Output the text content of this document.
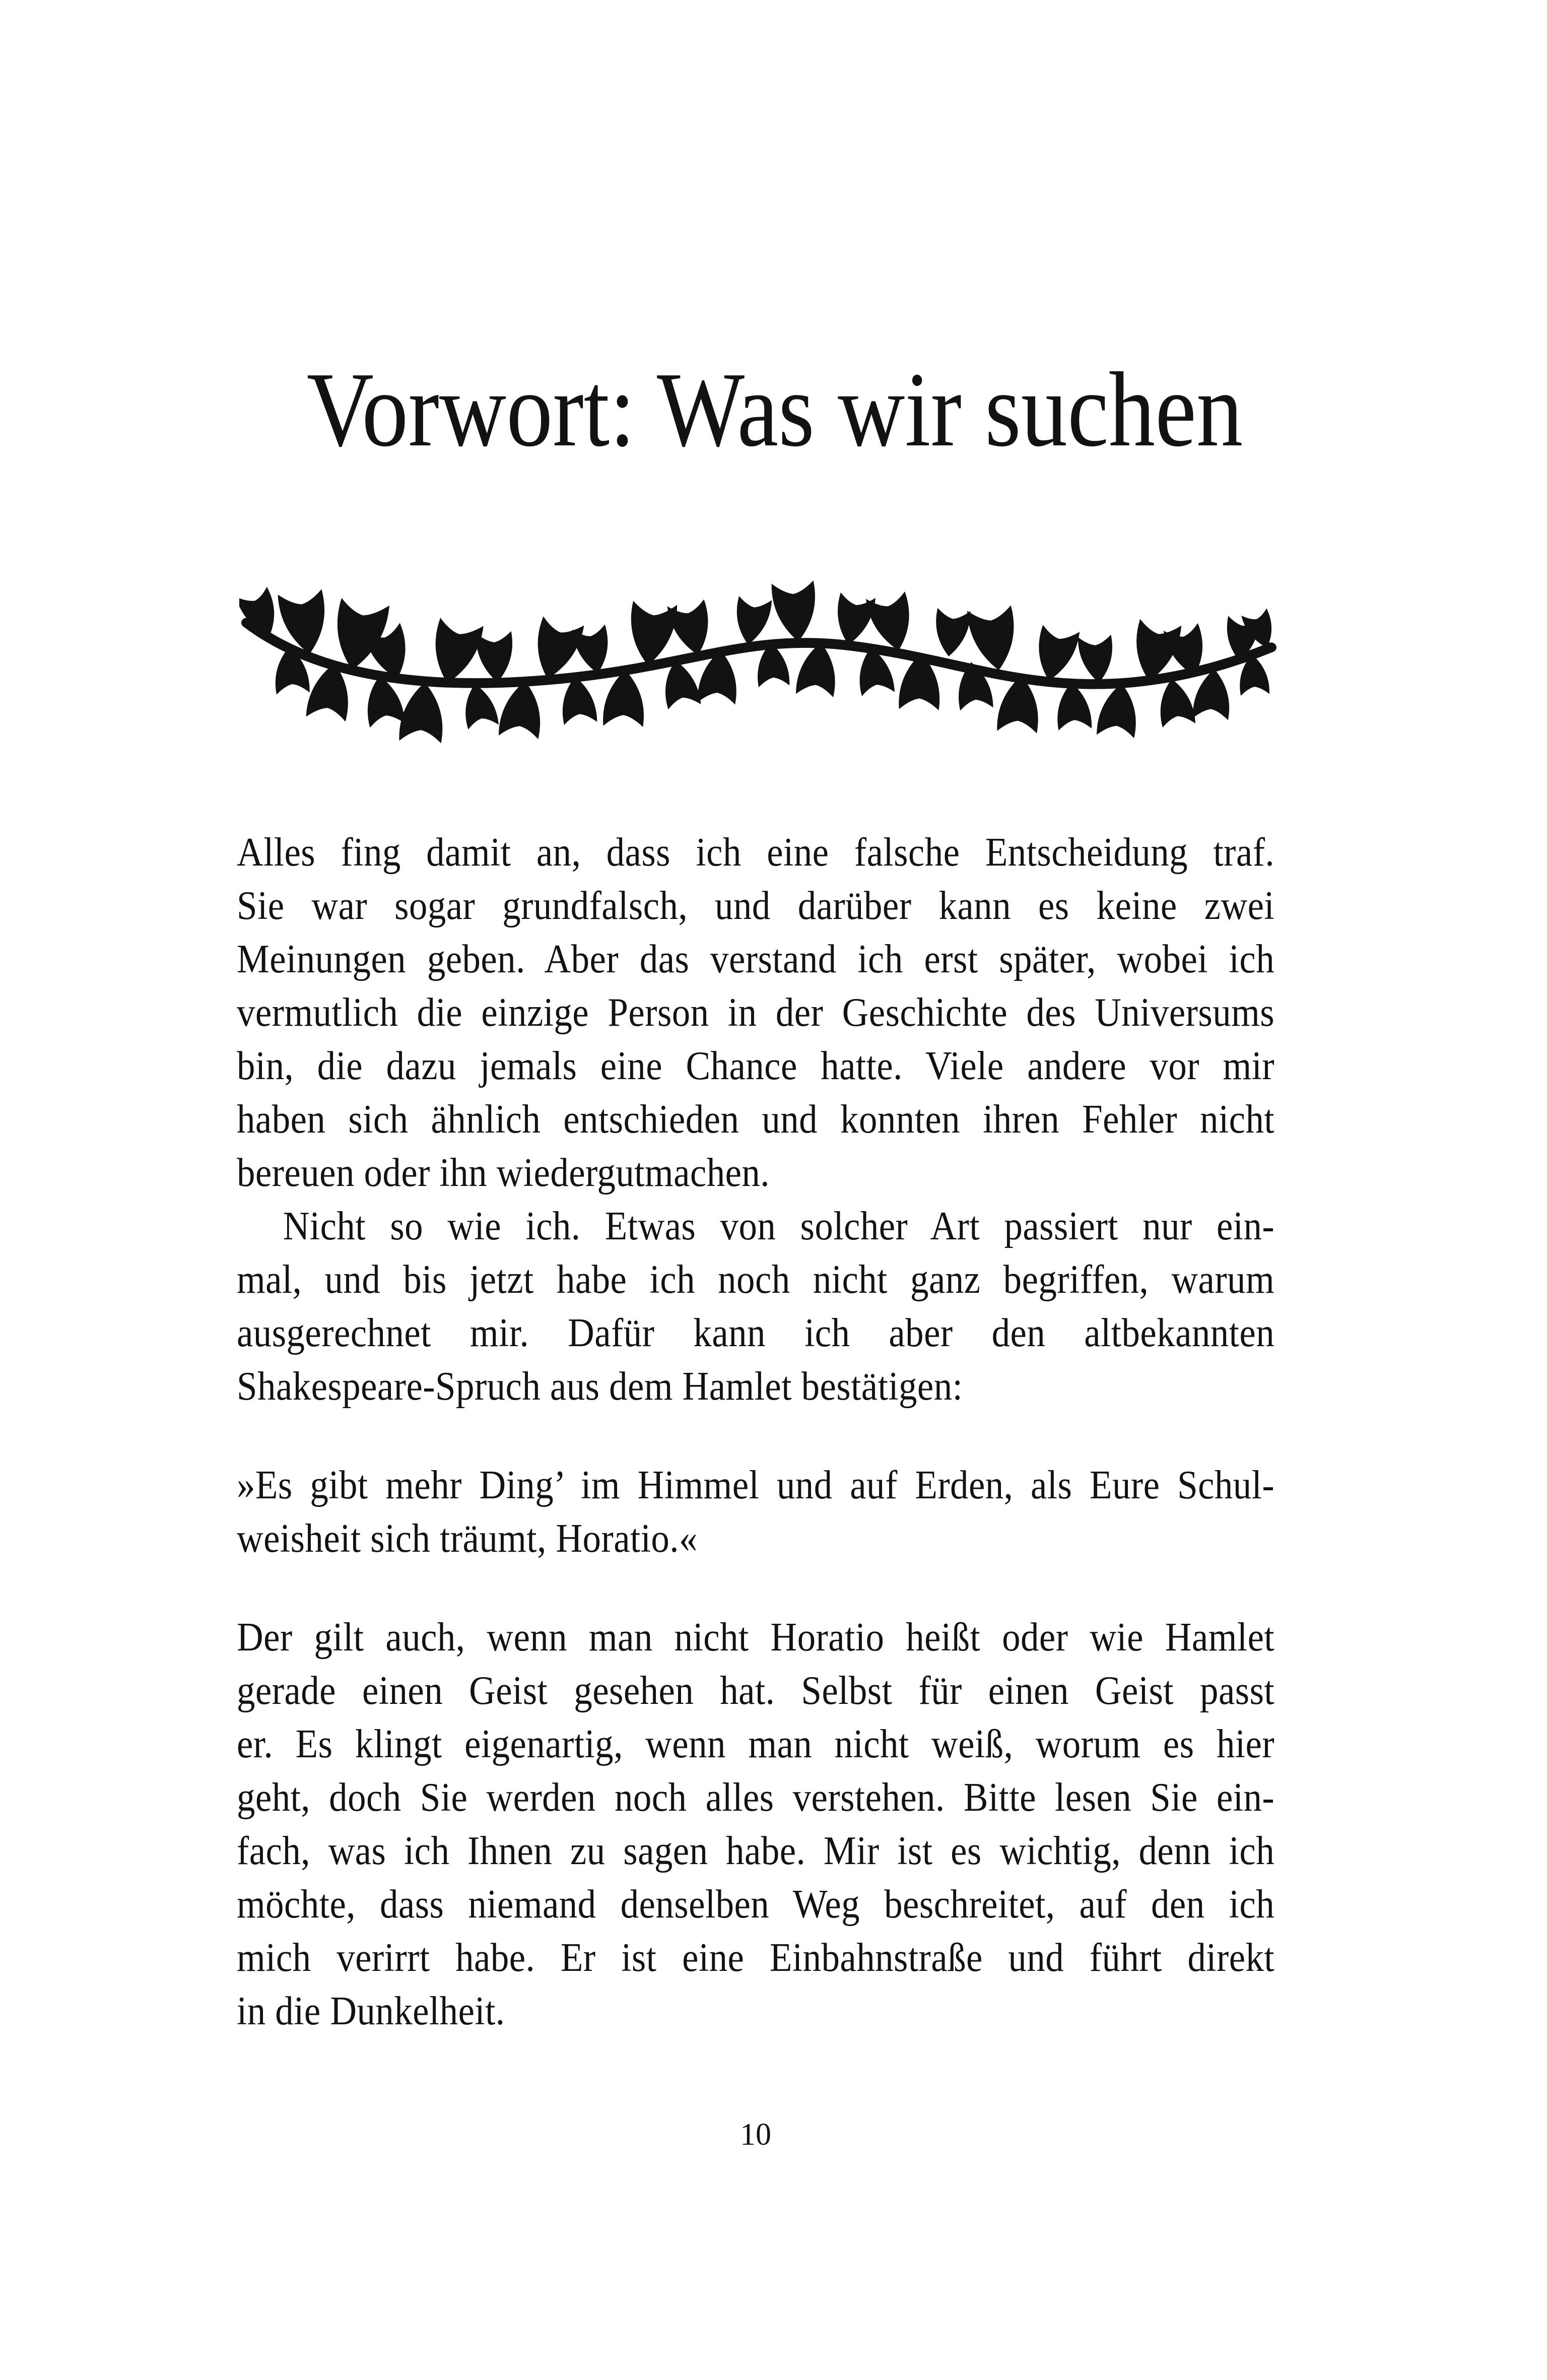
Vorwort: Was wir suchen
Alles fing damit an, dass ich eine falsche Entscheidung traf.
Sie war sogar grundfalsch, und darüber kann es keine zwei
Meinungen geben. Aber das verstand ich erst später, wobei ich
vermutlich die einzige Person in der Geschichte des Universums
bin, die dazu jemals eine Chance hatte. Viele andere vor mir
haben sich ähnlich entschieden und konnten ihren Fehler nicht
bereuen oder ihn wiedergutmachen.
Nicht so wie ich. Etwas von solcher Art passiert nur ein-
mal, und bis jetzt habe ich noch nicht ganz begriffen, warum
ausgerechnet mir. Dafür kann ich aber den altbekannten
Shakespeare-Spruch aus dem Hamlet bestätigen:
»Es gibt mehr Ding’ im Himmel und auf Erden, als Eure Schul-
weisheit sich träumt, Horatio.«
Der gilt auch, wenn man nicht Horatio heißt oder wie Hamlet
gerade einen Geist gesehen hat. Selbst für einen Geist passt
er. Es klingt eigenartig, wenn man nicht weiß, worum es hier
geht, doch Sie werden noch alles verstehen. Bitte lesen Sie ein-
fach, was ich Ihnen zu sagen habe. Mir ist es wichtig, denn ich
möchte, dass niemand denselben Weg beschreitet, auf den ich
mich verirrt habe. Er ist eine Einbahnstraße und führt direkt
in die Dunkelheit.
10
